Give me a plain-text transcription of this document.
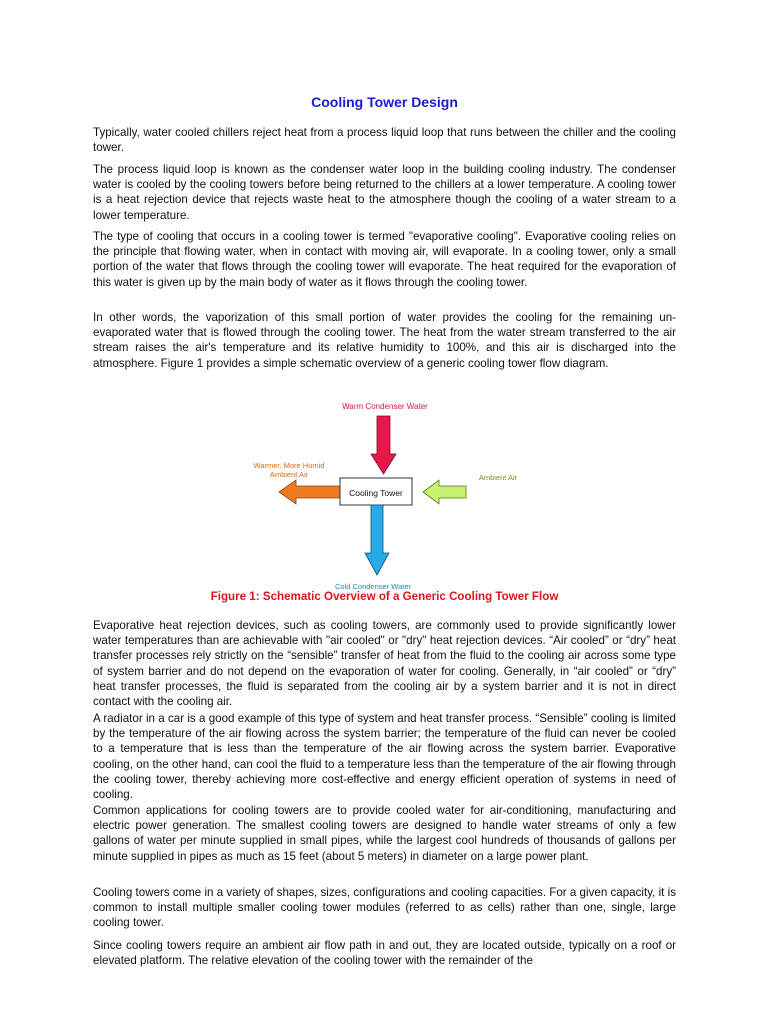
Cooling Tower Design

Typically, water cooled chillers reject heat from a process liquid loop that runs between the chiller and the cooling tower.

The process liquid loop is known as the condenser water loop in the building cooling industry. The condenser water is cooled by the cooling towers before being returned to the chillers at a lower temperature. A cooling tower is a heat rejection device that rejects waste heat to the atmosphere though the cooling of a water stream to a lower temperature.

The type of cooling that occurs in a cooling tower is termed "evaporative cooling". Evaporative cooling relies on the principle that flowing water, when in contact with moving air, will evaporate. In a cooling tower, only a small portion of the water that flows through the cooling tower will evaporate. The heat required for the evaporation of this water is given up by the main body of water as it flows through the cooling tower.

In other words, the vaporization of this small portion of water provides the cooling for the remaining un-evaporated water that is flowed through the cooling tower. The heat from the water stream transferred to the air stream raises the air's temperature and its relative humidity to 100%, and this air is discharged into the atmosphere. Figure 1 provides a simple schematic overview of a generic cooling tower flow diagram.

Warm Condenser Water
Warmer, More Humid
Ambient Air
Cooling Tower
Ambient Air
Cold Condenser Water
Figure 1: Schematic Overview of a Generic Cooling Tower Flow

Evaporative heat rejection devices, such as cooling towers, are commonly used to provide significantly lower water temperatures than are achievable with "air cooled" or "dry" heat rejection devices. “Air cooled” or “dry” heat transfer processes rely strictly on the “sensible” transfer of heat from the fluid to the cooling air across some type of system barrier and do not depend on the evaporation of water for cooling. Generally, in “air cooled” or “dry” heat transfer processes, the fluid is separated from the cooling air by a system barrier and it is not in direct contact with the cooling air.

A radiator in a car is a good example of this type of system and heat transfer process. “Sensible” cooling is limited by the temperature of the air flowing across the system barrier; the temperature of the fluid can never be cooled to a temperature that is less than the temperature of the air flowing across the system barrier. Evaporative cooling, on the other hand, can cool the fluid to a temperature less than the temperature of the air flowing through the cooling tower, thereby achieving more cost-effective and energy efficient operation of systems in need of cooling.

Common applications for cooling towers are to provide cooled water for air-conditioning, manufacturing and electric power generation. The smallest cooling towers are designed to handle water streams of only a few gallons of water per minute supplied in small pipes, while the largest cool hundreds of thousands of gallons per minute supplied in pipes as much as 15 feet (about 5 meters) in diameter on a large power plant.

Cooling towers come in a variety of shapes, sizes, configurations and cooling capacities. For a given capacity, it is common to install multiple smaller cooling tower modules (referred to as cells) rather than one, single, large cooling tower.

Since cooling towers require an ambient air flow path in and out, they are located outside, typically on a roof or elevated platform. The relative elevation of the cooling tower with the remainder of the
